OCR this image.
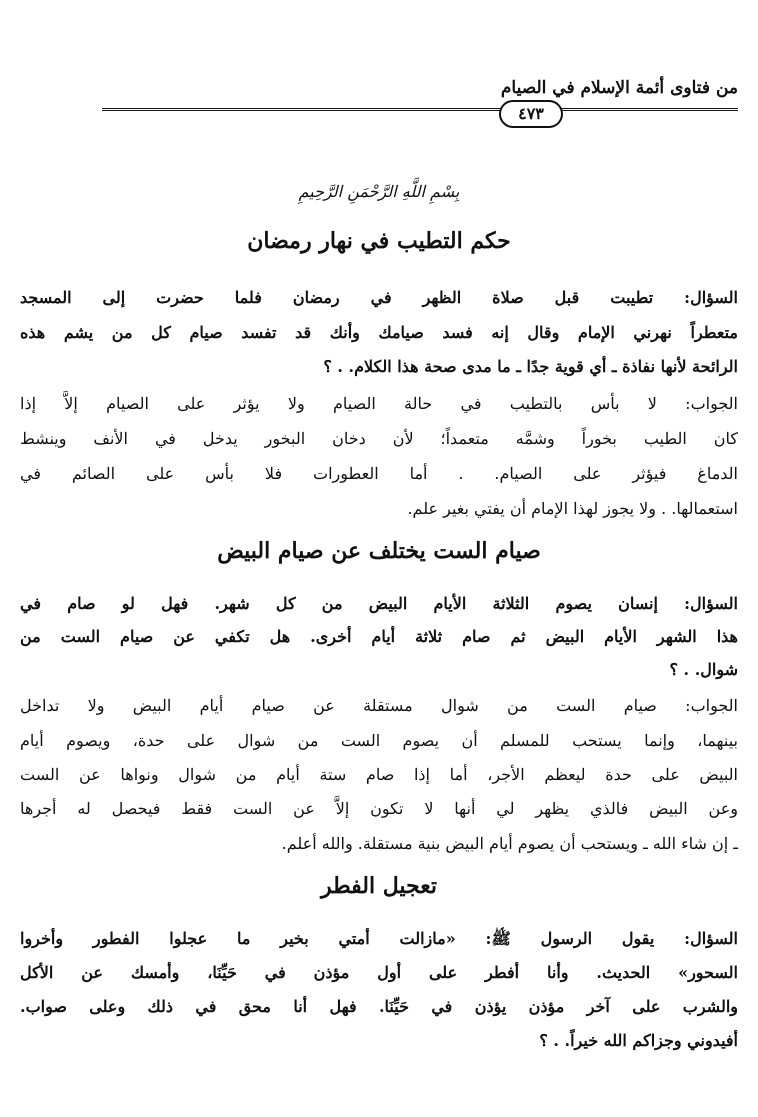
من فتاوى أئمة الإسلام في الصيام
٤٧٣
بِسْمِ اللَّهِ الرَّحْمَنِ الرَّحِيمِ
حكم التطيب في نهار رمضان
السؤال: تطيبت قبل صلاة الظهر في رمضان فلما حضرت إلى المسجد
متعطراً نهرني الإمام وقال إنه فسد صيامك وأنك قد تفسد صيام كل من يشم هذه
الرائحة لأنها نفاذة ـ أي قوية جدًا ـ ما مدى صحة هذا الكلام. . ؟
الجواب: لا بأس بالتطيب في حالة الصيام ولا يؤثر على الصيام إلاَّ إذا
كان الطيب بخوراً وشمَّه متعمداً؛ لأن دخان البخور يدخل في الأنف وينشط
الدماغ فيؤثر على الصيام. . أما العطورات فلا بأس على الصائم في
استعمالها. . ولا يجوز لهذا الإمام أن يفتي بغير علم.
صيام الست يختلف عن صيام البيض
السؤال: إنسان يصوم الثلاثة الأيام البيض من كل شهر. فهل لو صام في
هذا الشهر الأيام البيض ثم صام ثلاثة أيام أخرى. هل تكفي عن صيام الست من
شوال. . ؟
الجواب: صيام الست من شوال مستقلة عن صيام أيام البيض ولا تداخل
بينهما، وإنما يستحب للمسلم أن يصوم الست من شوال على حدة، ويصوم أيام
البيض على حدة ليعظم الأجر، أما إذا صام ستة أيام من شوال ونواها عن الست
وعن البيض فالذي يظهر لي أنها لا تكون إلاَّ عن الست فقط فيحصل له أجرها
ـ إن شاء الله ـ ويستحب أن يصوم أيام البيض بنية مستقلة. والله أعلم.
تعجيل الفطر
السؤال: يقول الرسول ﷺ: «مازالت أمتي بخير ما عجلوا الفطور وأخروا
السحور» الحديث. وأنا أفطر على أول مؤذن في حَيِّنَا، وأمسك عن الأكل
والشرب على آخر مؤذن يؤذن في حَيِّنَا. فهل أنا محق في ذلك وعلى صواب.
أفيدوني وجزاكم الله خيراً. . ؟
